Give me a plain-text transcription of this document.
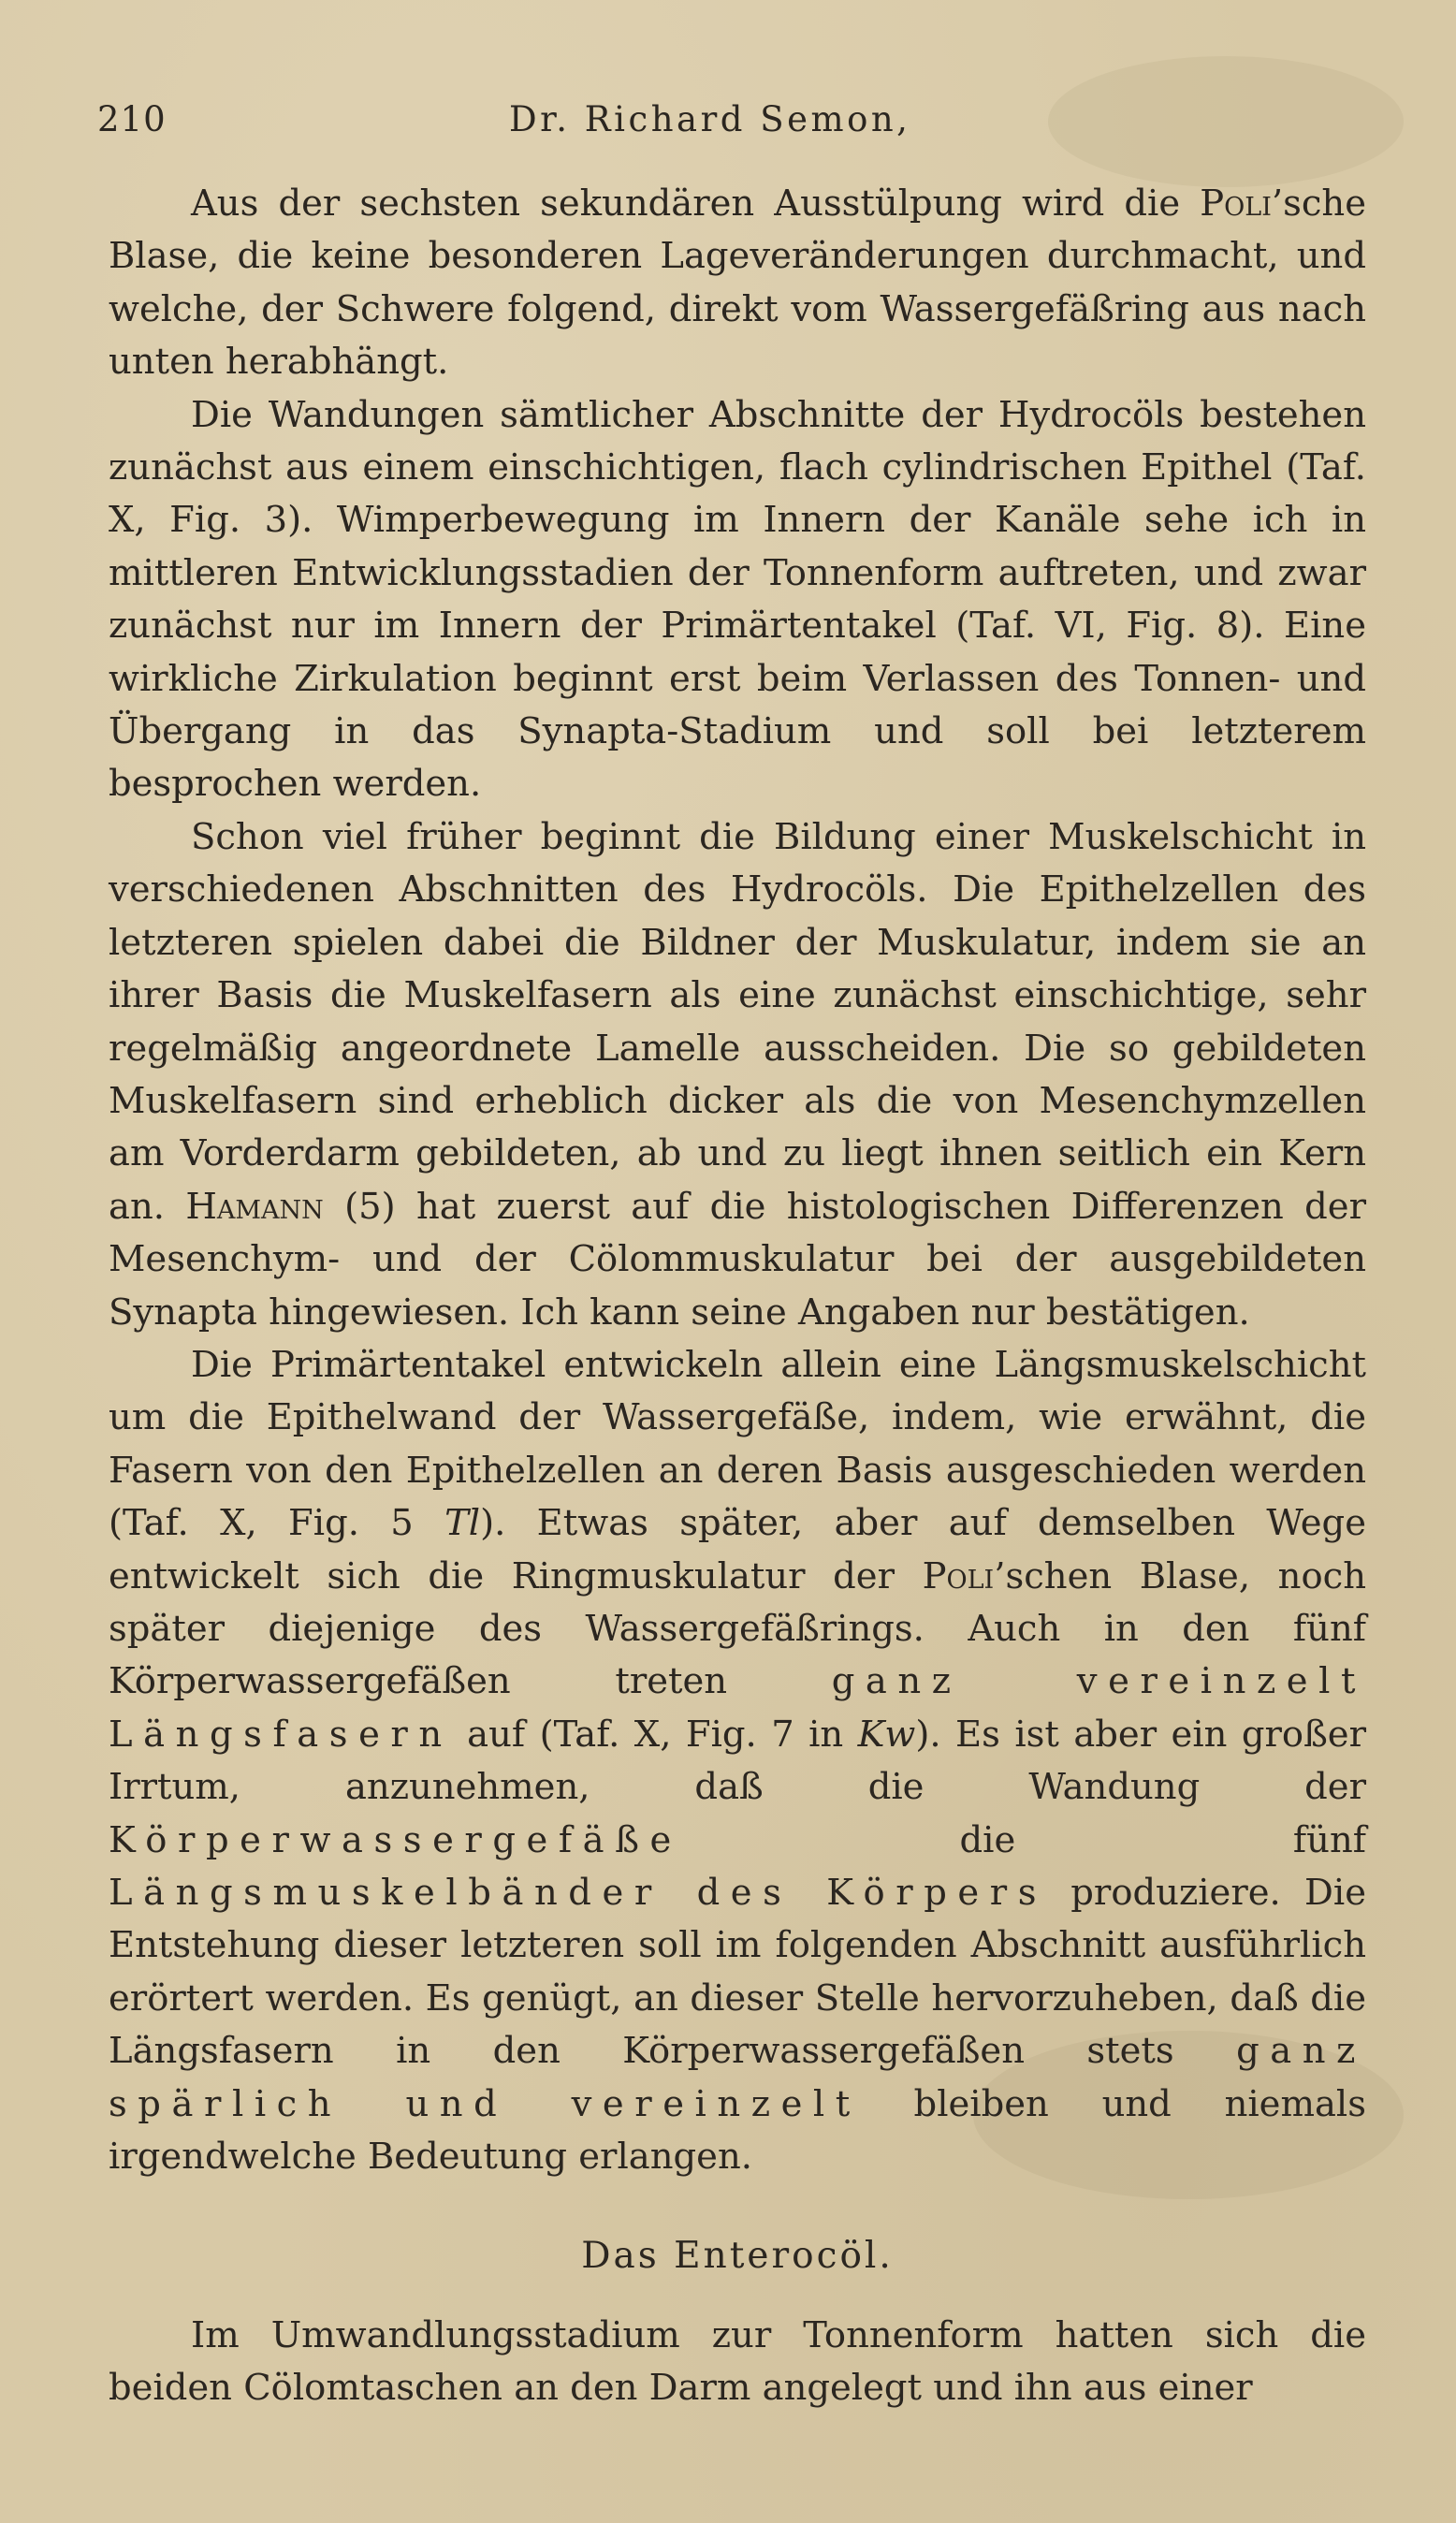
210	Dr. Richard Semon,

Aus der sechsten sekundären Ausstülpung wird die Poli’sche Blase, die keine besonderen Lageveränderungen durchmacht, und welche, der Schwere folgend, direkt vom Wassergefäßring aus nach unten herabhängt.

Die Wandungen sämtlicher Abschnitte der Hydrocöls bestehen zunächst aus einem einschichtigen, flach cylindrischen Epithel (Taf. X, Fig. 3). Wimperbewegung im Innern der Kanäle sehe ich in mittleren Entwicklungsstadien der Tonnenform auftreten, und zwar zunächst nur im Innern der Primärtentakel (Taf. VI, Fig. 8). Eine wirkliche Zirkulation beginnt erst beim Verlassen des Tonnen- und Übergang in das Synapta-Stadium und soll bei letzterem besprochen werden.

Schon viel früher beginnt die Bildung einer Muskelschicht in verschiedenen Abschnitten des Hydrocöls. Die Epithelzellen des letzteren spielen dabei die Bildner der Muskulatur, indem sie an ihrer Basis die Muskelfasern als eine zunächst einschichtige, sehr regelmäßig angeordnete Lamelle ausscheiden. Die so gebildeten Muskelfasern sind erheblich dicker als die von Mesenchymzellen am Vorderdarm gebildeten, ab und zu liegt ihnen seitlich ein Kern an. Hamann (5) hat zuerst auf die histologischen Differenzen der Mesenchym- und der Cölommuskulatur bei der ausgebildeten Synapta hingewiesen. Ich kann seine Angaben nur bestätigen.

Die Primärtentakel entwickeln allein eine Längsmuskelschicht um die Epithelwand der Wassergefäße, indem, wie erwähnt, die Fasern von den Epithelzellen an deren Basis ausgeschieden werden (Taf. X, Fig. 5 Tl). Etwas später, aber auf demselben Wege entwickelt sich die Ringmuskulatur der Poli’schen Blase, noch später diejenige des Wassergefäßrings. Auch in den fünf Körperwassergefäßen treten ganz vereinzelt Längsfasern auf (Taf. X, Fig. 7 in Kw). Es ist aber ein großer Irrtum, anzunehmen, daß die Wandung der Körperwassergefäße die fünf Längsmuskelbänder des Körpers produziere. Die Entstehung dieser letzteren soll im folgenden Abschnitt ausführlich erörtert werden. Es genügt, an dieser Stelle hervorzuheben, daß die Längsfasern in den Körperwassergefäßen stets ganz spärlich und vereinzelt bleiben und niemals irgendwelche Bedeutung erlangen.

Das Enterocöl.

Im Umwandlungsstadium zur Tonnenform hatten sich die beiden Cölomtaschen an den Darm angelegt und ihn aus einer
